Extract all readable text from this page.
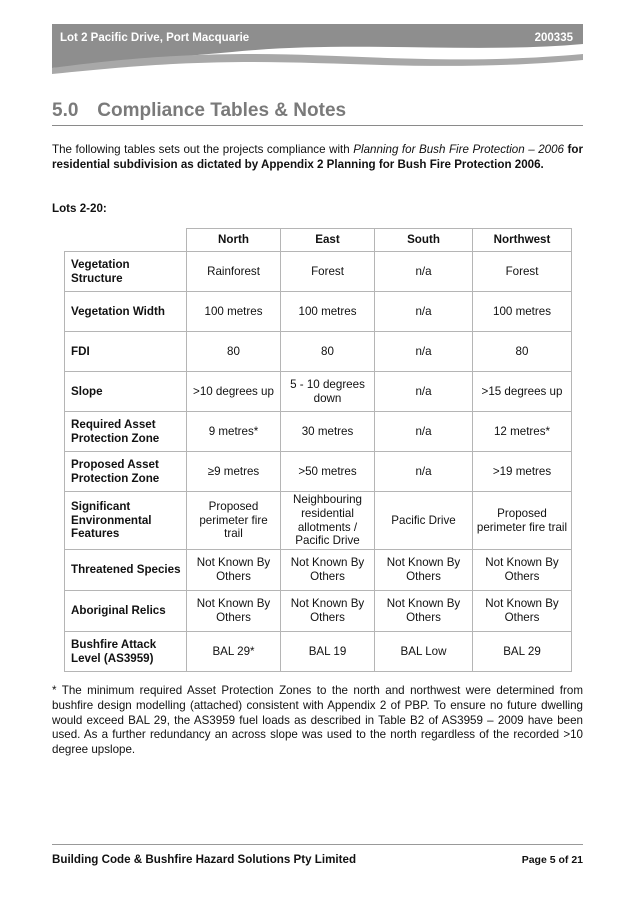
Lot 2 Pacific Drive, Port Macquarie	200335
5.0 Compliance Tables & Notes
The following tables sets out the projects compliance with Planning for Bush Fire Protection – 2006 for residential subdivision as dictated by Appendix 2 Planning for Bush Fire Protection 2006.
Lots 2-20:
	North	East	South	Northwest
Vegetation Structure	Rainforest	Forest	n/a	Forest
Vegetation Width	100 metres	100 metres	n/a	100 metres
FDI	80	80	n/a	80
Slope	>10 degrees up	5 - 10 degrees down	n/a	>15 degrees up
Required Asset Protection Zone	9 metres*	30 metres	n/a	12 metres*
Proposed Asset Protection Zone	≥9 metres	>50 metres	n/a	>19 metres
Significant Environmental Features	Proposed perimeter fire trail	Neighbouring residential allotments / Pacific Drive	Pacific Drive	Proposed perimeter fire trail
Threatened Species	Not Known By Others	Not Known By Others	Not Known By Others	Not Known By Others
Aboriginal Relics	Not Known By Others	Not Known By Others	Not Known By Others	Not Known By Others
Bushfire Attack Level (AS3959)	BAL 29*	BAL 19	BAL Low	BAL 29
* The minimum required Asset Protection Zones to the north and northwest were determined from bushfire design modelling (attached) consistent with Appendix 2 of PBP. To ensure no future dwelling would exceed BAL 29, the AS3959 fuel loads as described in Table B2 of AS3959 – 2009 have been used. As a further redundancy an across slope was used to the north regardless of the recorded >10 degree upslope.
Building Code & Bushfire Hazard Solutions Pty Limited	Page 5 of 21
